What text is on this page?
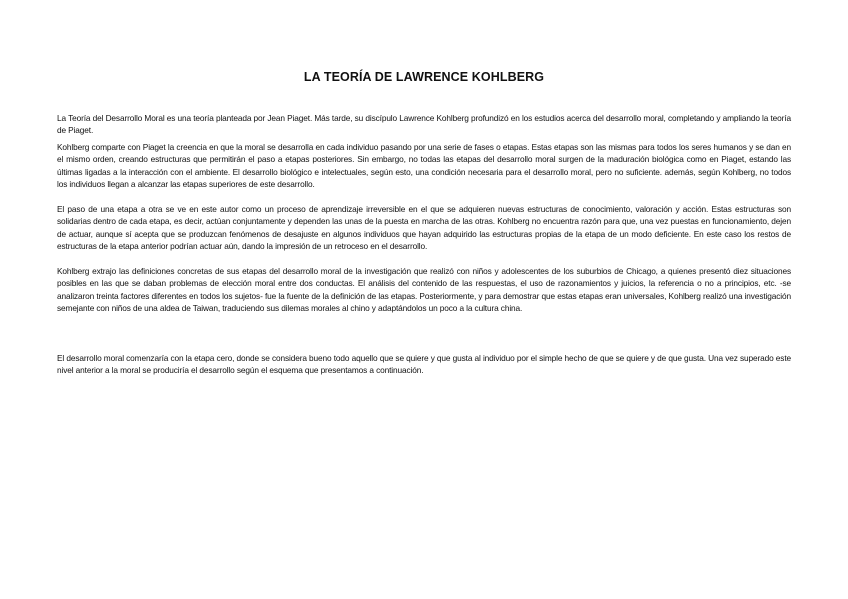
LA TEORÍA DE LAWRENCE KOHLBERG

La Teoría del Desarrollo Moral es una teoría planteada por Jean Piaget. Más tarde, su discípulo Lawrence Kohlberg profundizó en los estudios acerca del desarrollo moral, completando y ampliando la teoría de Piaget.

Kohlberg comparte con Piaget la creencia en que la moral se desarrolla en cada individuo pasando por una serie de fases o etapas. Estas etapas son las mismas para todos los seres humanos y se dan en el mismo orden, creando estructuras que permitirán el paso a etapas posteriores. Sin embargo, no todas las etapas del desarrollo moral surgen de la maduración biológica como en Piaget, estando las últimas ligadas a la interacción con el ambiente. El desarrollo biológico e intelectuales, según esto, una condición necesaria para el desarrollo moral, pero no suficiente. además, según Kohlberg, no todos los individuos llegan a alcanzar las etapas superiores de este desarrollo.

El paso de una etapa a otra se ve en este autor como un proceso de aprendizaje irreversible en el que se adquieren nuevas estructuras de conocimiento, valoración y acción. Estas estructuras son solidarias dentro de cada etapa, es decir, actúan conjuntamente y dependen las unas de la puesta en marcha de las otras. Kohlberg no encuentra razón para que, una vez puestas en funcionamiento, dejen de actuar, aunque sí acepta que se produzcan fenómenos de desajuste en algunos individuos que hayan adquirido las estructuras propias de la etapa de un modo deficiente. En este caso los restos de estructuras de la etapa anterior podrían actuar aún, dando la impresión de un retroceso en el desarrollo.

Kohlberg extrajo las definiciones concretas de sus etapas del desarrollo moral de la investigación que realizó con niños y adolescentes de los suburbios de Chicago, a quienes presentó diez situaciones posibles en las que se daban problemas de elección moral entre dos conductas. El análisis del contenido de las respuestas, el uso de razonamientos y juicios, la referencia o no a principios, etc. -se analizaron treinta factores diferentes en todos los sujetos- fue la fuente de la definición de las etapas. Posteriormente, y para demostrar que estas etapas eran universales, Kohlberg realizó una investigación semejante con niños de una aldea de Taiwan, traduciendo sus dilemas morales al chino y adaptándolos un poco a la cultura china.

El desarrollo moral comenzaría con la etapa cero, donde se considera bueno todo aquello que se quiere y que gusta al individuo por el simple hecho de que se quiere y de que gusta. Una vez superado este nivel anterior a la moral se produciría el desarrollo según el esquema que presentamos a continuación.
